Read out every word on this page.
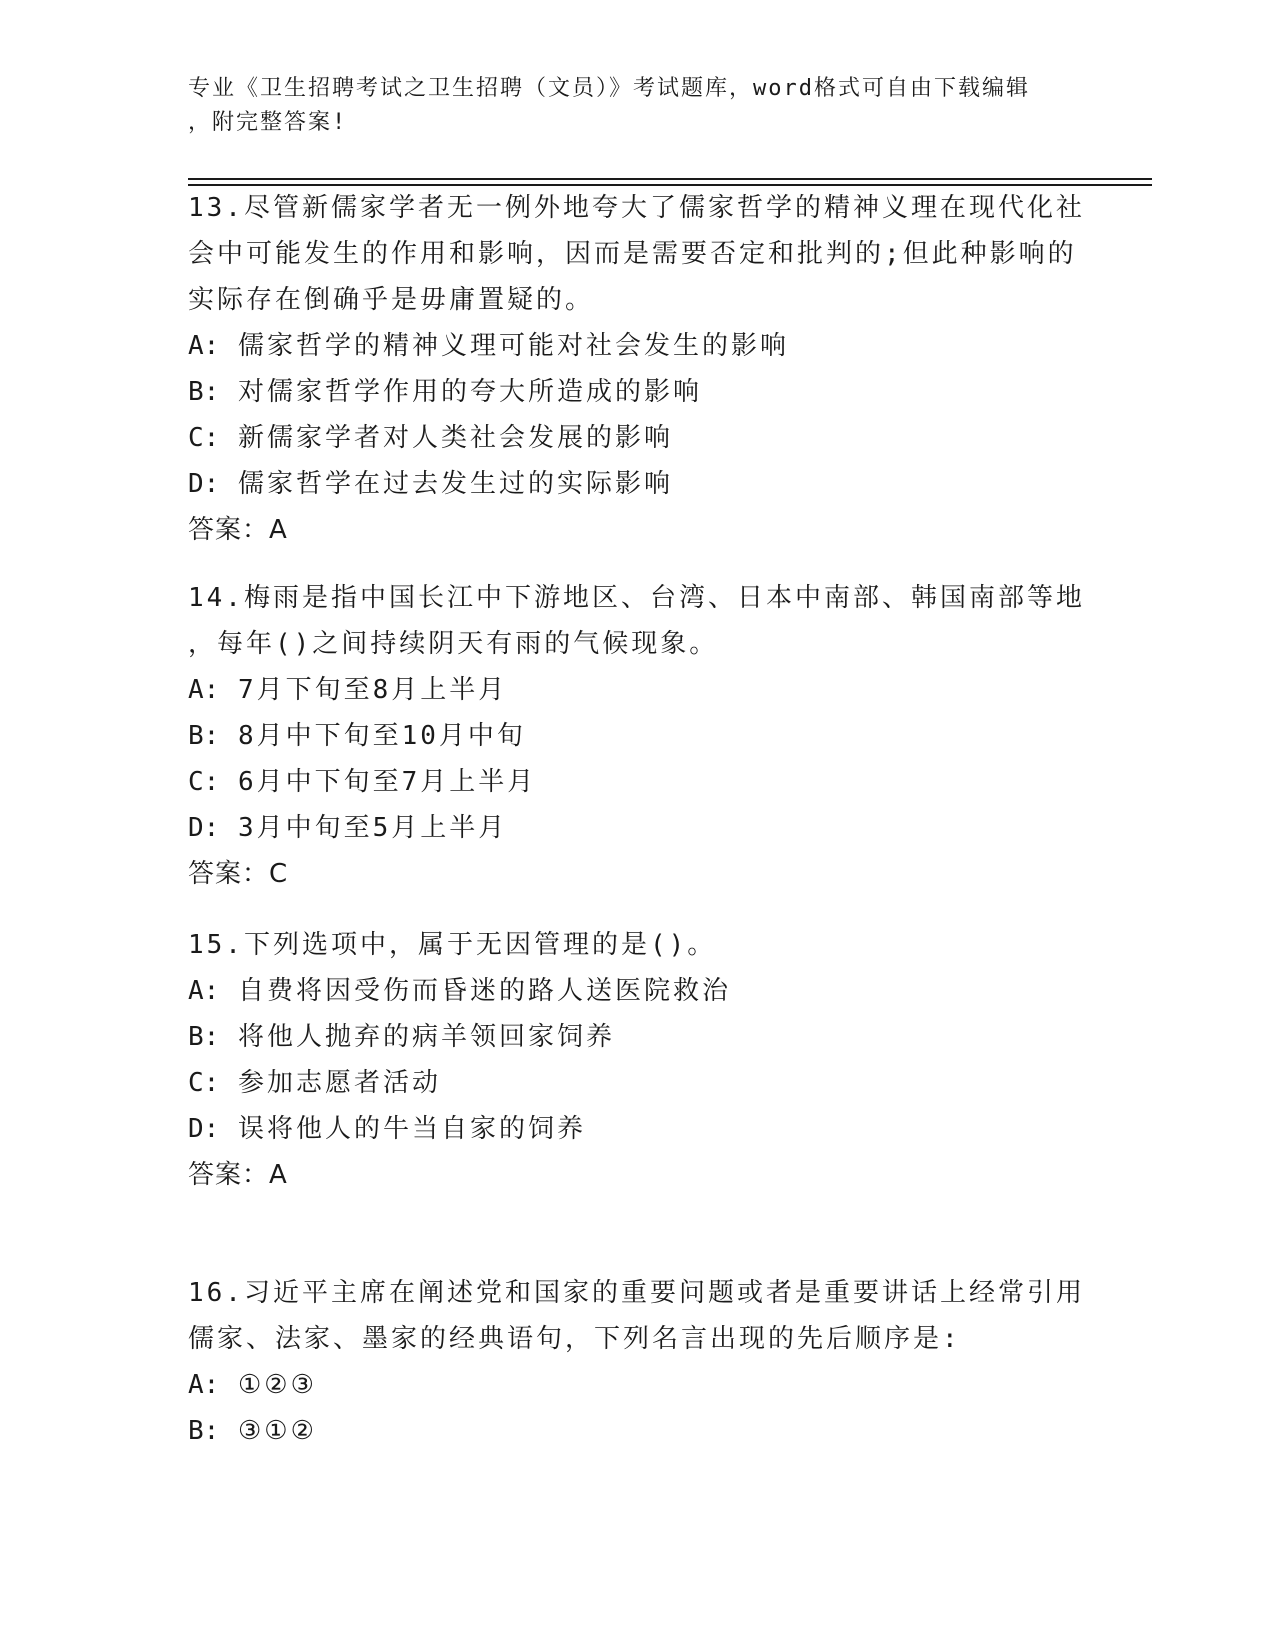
专业《卫生招聘考试之卫生招聘（文员）》考试题库，word格式可自由下载编辑
，附完整答案!
13.尽管新儒家学者无一例外地夸大了儒家哲学的精神义理在现代化社
会中可能发生的作用和影响，因而是需要否定和批判的;但此种影响的
实际存在倒确乎是毋庸置疑的。
A: 儒家哲学的精神义理可能对社会发生的影响
B: 对儒家哲学作用的夸大所造成的影响
C: 新儒家学者对人类社会发展的影响
D: 儒家哲学在过去发生过的实际影响
答案：A
14.梅雨是指中国长江中下游地区、台湾、日本中南部、韩国南部等地
，每年()之间持续阴天有雨的气候现象。
A: 7月下旬至8月上半月
B: 8月中下旬至10月中旬
C: 6月中下旬至7月上半月
D: 3月中旬至5月上半月
答案：C
15.下列选项中，属于无因管理的是()。
A: 自费将因受伤而昏迷的路人送医院救治
B: 将他人抛弃的病羊领回家饲养
C: 参加志愿者活动
D: 误将他人的牛当自家的饲养
答案：A
16.习近平主席在阐述党和国家的重要问题或者是重要讲话上经常引用
儒家、法家、墨家的经典语句，下列名言出现的先后顺序是:
A: ①②③
B: ③①②
